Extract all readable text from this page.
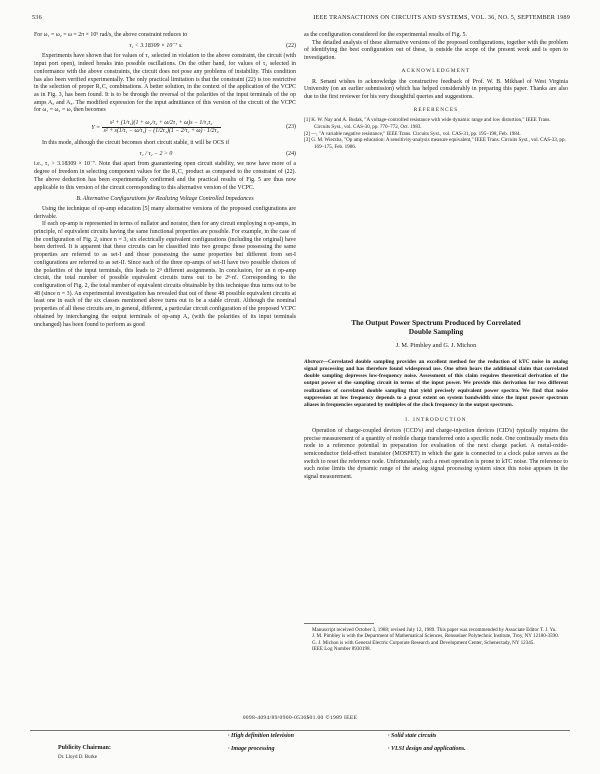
536	IEEE TRANSACTIONS ON CIRCUITS AND SYSTEMS, VOL. 36, NO. 5, SEPTEMBER 1989

For ω₁ = ω₂ = ω = 2π × 10⁵ rad/s, the above constraint reduces to

τ₁ < 3.18309 × 10⁻⁷ s.	(22)

Experiments have shown that for values of τ₁ selected in violation to the above constraint, the circuit (with input port open), indeed breaks into possible oscillations. On the other hand, for values of τ₁ selected in conformance with the above constraints, the circuit does not pose any problems of instability. This condition has also been verified experimentally. The only practical limitation is that the constraint (22) is too restrictive in the selection of proper R₁C₁ combinations. A better solution, in the context of the application of the VCPC as in Fig. 3, has been found. It is to be through the reversal of the polarities of the input terminals of the op amps A₂ and A₃. The modified expression for the input admittance of this version of the circuit of the VCPC for ω₁ = ω₂ = ω, then becomes

$Y = \frac{\text{s² + (1/τ₁)(1 + ω₂/τ₂ + ω/2τ₁ + ω)s − 1/τ₁τ₂}}{\text{s² + s(1/τ₁ − ω/τ₁) − (1/2τ₁)(1 − 2/τ₂ + ω) · 1/2τ₂}}$	(23)

In this mode, although the circuit becomes short circuit stable, it will be OCS if

τ₁ / τ₂ − 2 > 0	(24)

i.e., τ₁ > 3.18309 × 10⁻⁷. Note that apart from guaranteeing open circuit stability, we now have more of a degree of freedom in selecting component values for the R₁C₁ product as compared to the constraint of (22). The above deduction has been experimentally confirmed and the practical results of Fig. 5 are thus now applicable to this version of the circuit corresponding to this alternative version of the VCPC.

B. Alternative Configurations for Realizing Voltage Controlled Impedances

Using the technique of op-amp education [5] many alternative versions of the proposed configurations are derivable.

If each op-amp is represented in terms of nullator and norator, then for any circuit employing n op-amps, in principle, n! equivalent circuits having the same functional properties are possible. For example, in the case of the configuration of Fig. 2, since n = 3, six electrically equivalent configurations (including the original) have been derived. It is apparent that these circuits can be classified into two groups: those possessing the same properties are referred to as set-I and those possessing the same properties but different from set-I configurations are referred to as set-II. Since each of the three op-amps of set-II have two possible choices of the polarities of the input terminals, this leads to 2³ different assignments. In conclusion, for an n op-amp circuit, the total number of possible equivalent circuits turns out to be 2ⁿ·n!. Corresponding to the configuration of Fig. 2, the total number of equivalent circuits obtainable by this technique thus turns out to be 48 (since n = 3). An experimental investigation has revealed that out of these 48 possible equivalent circuits at least one in each of the six classes mentioned above turns out to be a stable circuit. Although the nominal properties of all these circuits are, in general, different, a particular circuit configuration of the proposed VCPC obtained by interchanging the output terminals of op-amp A₃ (with the polarities of its input terminals unchanged) has been found to perform as good

as the configuration considered for the experimental results of Fig. 5.

The detailed analysis of these alternative versions of the proposed configurations, together with the problem of identifying the best configuration out of these, is outside the scope of the present work and is open to investigation.

ACKNOWLEDGMENT

R. Senani wishes to acknowledge the constructive feedback of Prof. W. B. Mikhael of West Virginia University (on an earlier submission) which has helped considerably in preparing this paper. Thanks are also due to the first reviewer for his very thoughtful queries and suggestions.

REFERENCES
[1] K. W. Nay and A. Budak, "A voltage-controlled resistance with wide dynamic range and low distortion," IEEE Trans. Circuits Syst., vol. CAS-30, pp. 770–772, Oct. 1983.
[2] —, "A variable negative resistance," IEEE Trans. Circuits Syst., vol. CAS-31, pp. 195–198, Feb. 1984.
[3] G. M. Wierzba, "Op amp education: A sensitivity-analysis measure equivalent," IEEE Trans. Circuits Syst., vol. CAS-33, pp. 169–175, Feb. 1986.
The Output Power Spectrum Produced by Correlated Double Sampling
J. M. Pimbley and G. J. Michon
Abstract—Correlated double sampling provides an excellent method for the reduction of kTC noise in analog signal processing and has therefore found widespread use. One often hears the additional claim that correlated double sampling depresses low-frequency noise. Assessment of this claim requires theoretical derivation of the output power of the sampling circuit in terms of the input power. We provide this derivation for two different realizations of correlated double sampling that yield precisely equivalent power spectra. We find that noise suppression at low frequency depends to a great extent on system bandwidth since the input power spectrum aliases in frequencies separated by multiples of the clock frequency in the output spectrum.
I. INTRODUCTION

Operation of charge-coupled devices (CCD's) and charge-injection devices (CID's) typically requires the precise measurement of a quantity of mobile charge transferred onto a specific node. One continually resets this node to a reference potential in preparation for evaluation of the next charge packet. A metal-oxide-semiconductor field-effect transistor (MOSFET) in which the gate is connected to a clock pulse serves as the switch to reset the reference node. Unfortunately, such a reset operation is prone to kTC noise. The reference to such noise limits the dynamic range of the analog signal processing system since this noise appears in the signal measurement.

Manuscript received October 3, 1988; revised July 12, 1989. This paper was recommended by Associate Editor T. J. Yu.

J. M. Pimbley is with the Department of Mathematical Sciences, Rensselaer Polytechnic Institute, Troy, NY 12180-3590.

G. J. Michon is with General Electric Corporate Research and Development Center, Schenectady, NY 12345.

IEEE Log Number 8930198.

0098-4094/89/0900-0536$01.00 ©1989 IEEE
Publicity Chairman:
Dr. Lloyd D. Burke
· High definition television
· Image processing
· Solid state circuits
· VLSI design and applications.
